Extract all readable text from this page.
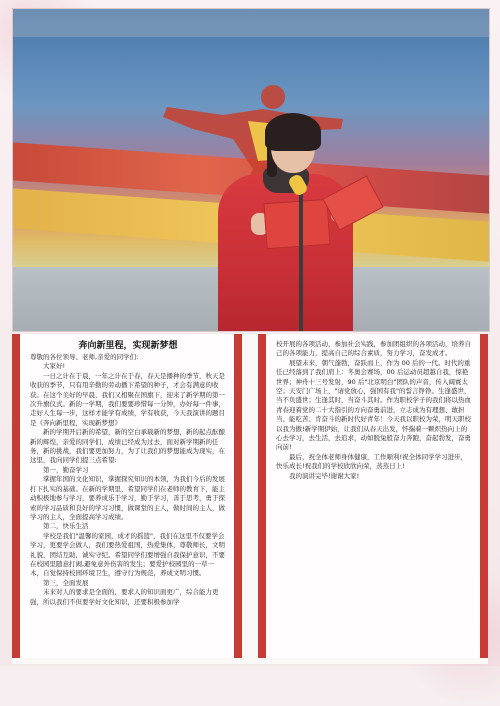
奔向新里程，实现新梦想

尊敬的各位领导、老师,亲爱的同学们:

大家好!

一日之计在于晨，一年之计在于春，春天是播种的季节，秋天是收获的季节，只有用辛勤的劳动播下希望的种子，才会有满意的收获。在这个美好的早晨，我们又相聚在国旗下，迎来了新学期的第一次升旗仪式。新的一学期，我们要要珍惜每一分钟，办好每一件事，走好人生每一步，这样才能学有成绩，学有收获，今天我演讲的题目是《奔向新里程，实现新梦想》

新的学期开启新的希望，新的空白承载新的梦想，新的起点酝酿新的辉煌，亲爱的同学们，成绩已经成为过去，面对新学期新的任务，新的挑战，我们要更加努力，为了让我们的梦想能成为现实，在这里，我向同学们提三点希望:

第一，勤奋学习

掌握年国的文化知识，掌握探究知识的本领，为我们今后的发展打下扎实的基础。在新的学期里，希望同学们在老师的教育下，能主动积极地参与学习，要养成乐于学习，勤于学习，善于思考，勇于探索的学习品质和良好的学习习惯，做课堂的主人，做时间的主人，做学习的主人，全面提高学习成绩。

第二，快乐生活

学校是我们"温馨的家园，成才的摇篮"，我们在这里不仅要学会学习，更要学会做人，我们要热爱祖国，热爱集体，尊敬师长，文明礼貌，团结互助，诚实守纪。希望同学们要增强自我保护意识，不要在校园里随意打闹,避免意外伤害的发生；要爱护校园里的一草一木，自觉保持校园环境卫生，遵守行为规范，养成文明习惯。

第三，全面发展

未来对人的要求是全面的，要求人的知识面更广，综合能力更强，所以我们不但要学好文化知识，还要积极参加学

校开展的各项活动，参加社会实践，参加团组织的各项活动，培养自己的各项能力，提高自己的综合素质，努力学习，奋发成才。

展望未来，朝气蓬勃，奋跃而上，作为 00 后的一代。时代的重任已经落到了我们肩上：冬奥会赛场，00 后运动员超越自我，惊艳世界；神舟十三号发射，90 后"北京明白"团队的声音，传入阔寰太空；天安门广场上，"请党放心，强国有我"的誓言铮铮。生逢盛世，当不负盛世；生逢其时，当奋斗其时。作为职校学子的我们将以热血青春迎着党的二十大指引的方向奋勇前进，立志成为有理想、敢担当、能吃苦、肯奋斗的新时代好青年！今天我以职校为荣，明天职校以我为傲!新学期伊始，让我们从春天出发，怀揣着一颗炽热向上的心去学习，去生活，去追求，动如脱兔般奋力奔跑，奋起勃发，奋勇向前!

最后，祝全体老师身体健康，工作顺利!祝全体同学学习进步，快乐成长!祝我们的学校欣欣向荣，蒸蒸日上!

我的演讲完毕!谢谢大家!
